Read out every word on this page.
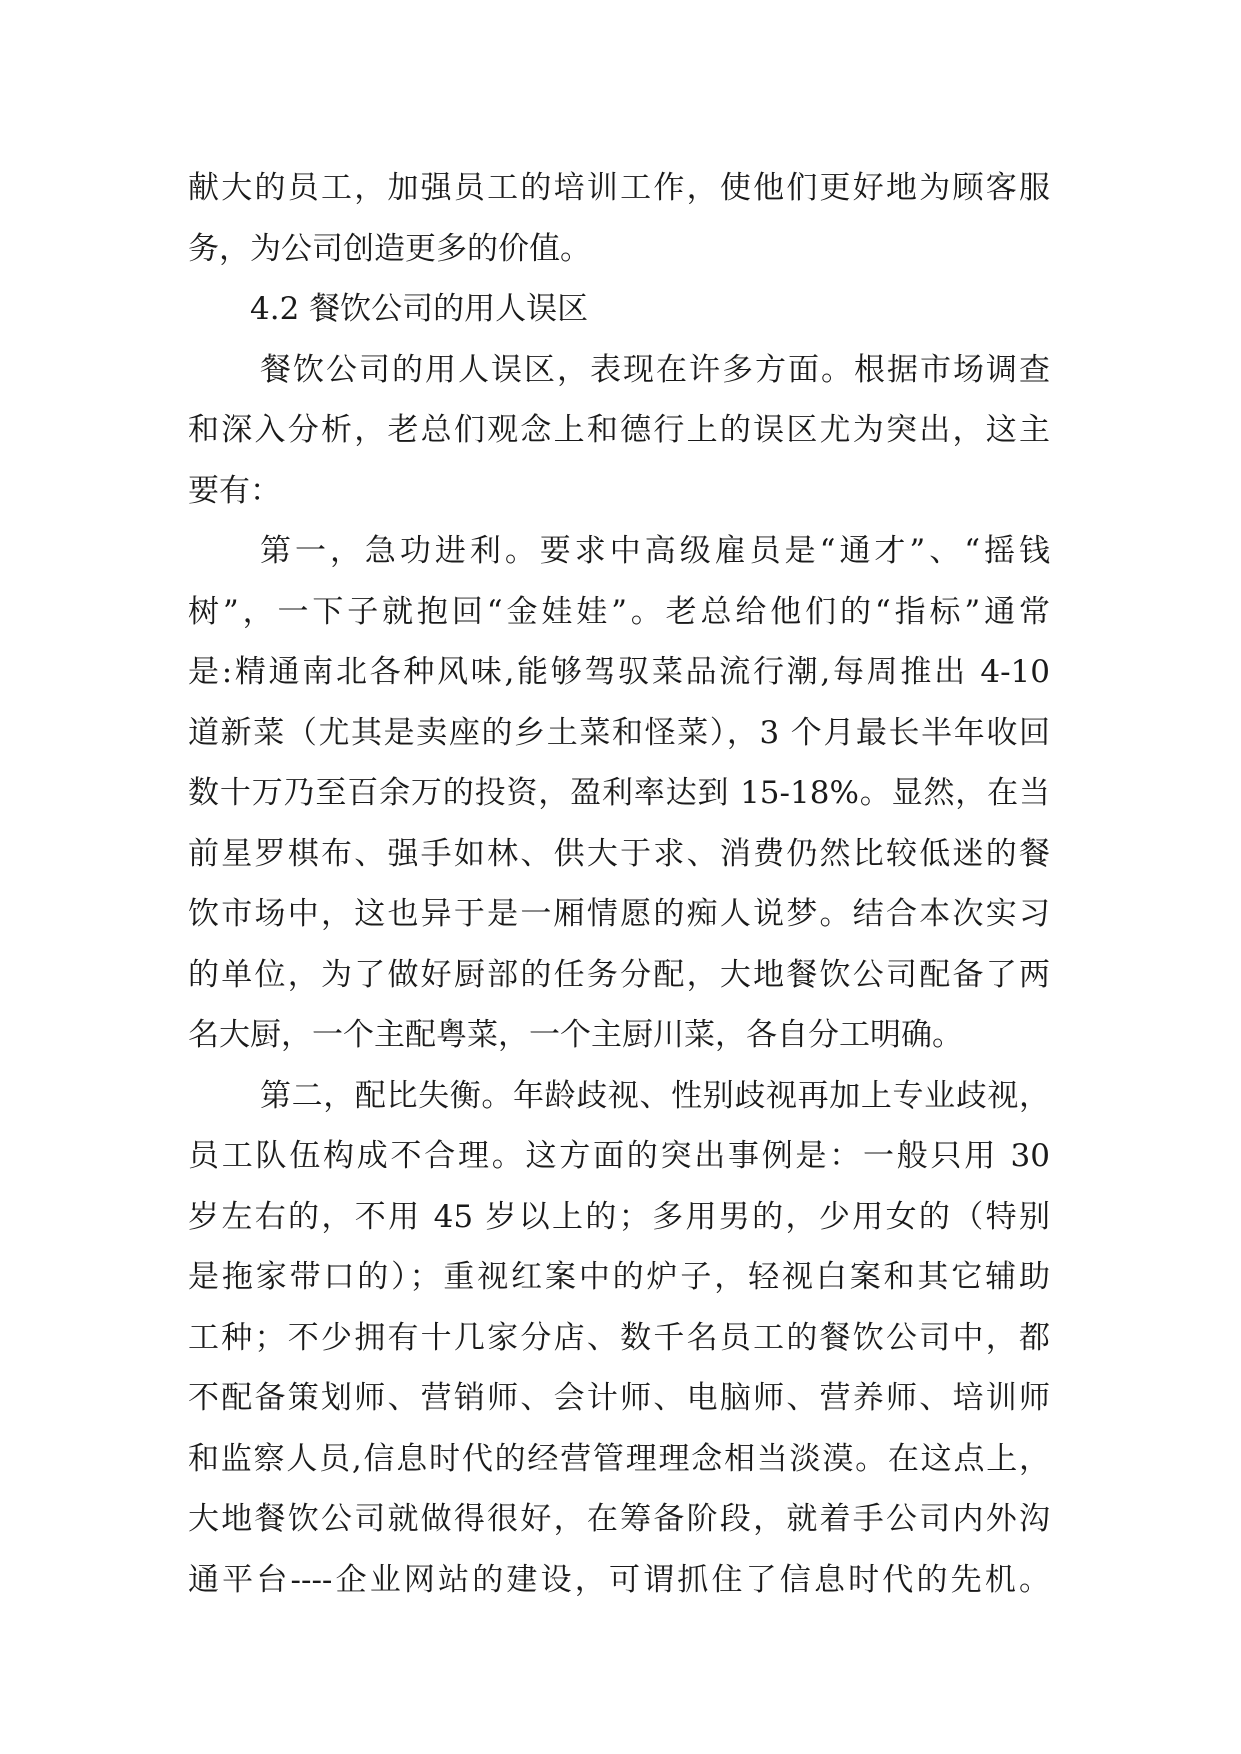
献大的员工，加强员工的培训工作，使他们更好地为顾客服
务，为公司创造更多的价值。
4.2 餐饮公司的用人误区
餐饮公司的用人误区，表现在许多方面。根据市场调查
和深入分析，老总们观念上和德行上的误区尤为突出，这主
要有：
第一，急功进利。要求中高级雇员是“通才”、“摇钱
树”，一下子就抱回“金娃娃”。老总给他们的“指标”通常
是:精通南北各种风味,能够驾驭菜品流行潮,每周推出 4-10
道新菜（尤其是卖座的乡土菜和怪菜），3 个月最长半年收回
数十万乃至百余万的投资，盈利率达到 15-18%。显然，在当
前星罗棋布、强手如林、供大于求、消费仍然比较低迷的餐
饮市场中，这也异于是一厢情愿的痴人说梦。结合本次实习
的单位，为了做好厨部的任务分配，大地餐饮公司配备了两
名大厨，一个主配粤菜，一个主厨川菜，各自分工明确。
第二，配比失衡。年龄歧视、性别歧视再加上专业歧视，
员工队伍构成不合理。这方面的突出事例是：一般只用 30
岁左右的，不用 45 岁以上的；多用男的，少用女的（特别
是拖家带口的）；重视红案中的炉子，轻视白案和其它辅助
工种；不少拥有十几家分店、数千名员工的餐饮公司中，都
不配备策划师、营销师、会计师、电脑师、营养师、培训师
和监察人员,信息时代的经营管理理念相当淡漠。在这点上，
大地餐饮公司就做得很好，在筹备阶段，就着手公司内外沟
通平台----企业网站的建设，可谓抓住了信息时代的先机。
